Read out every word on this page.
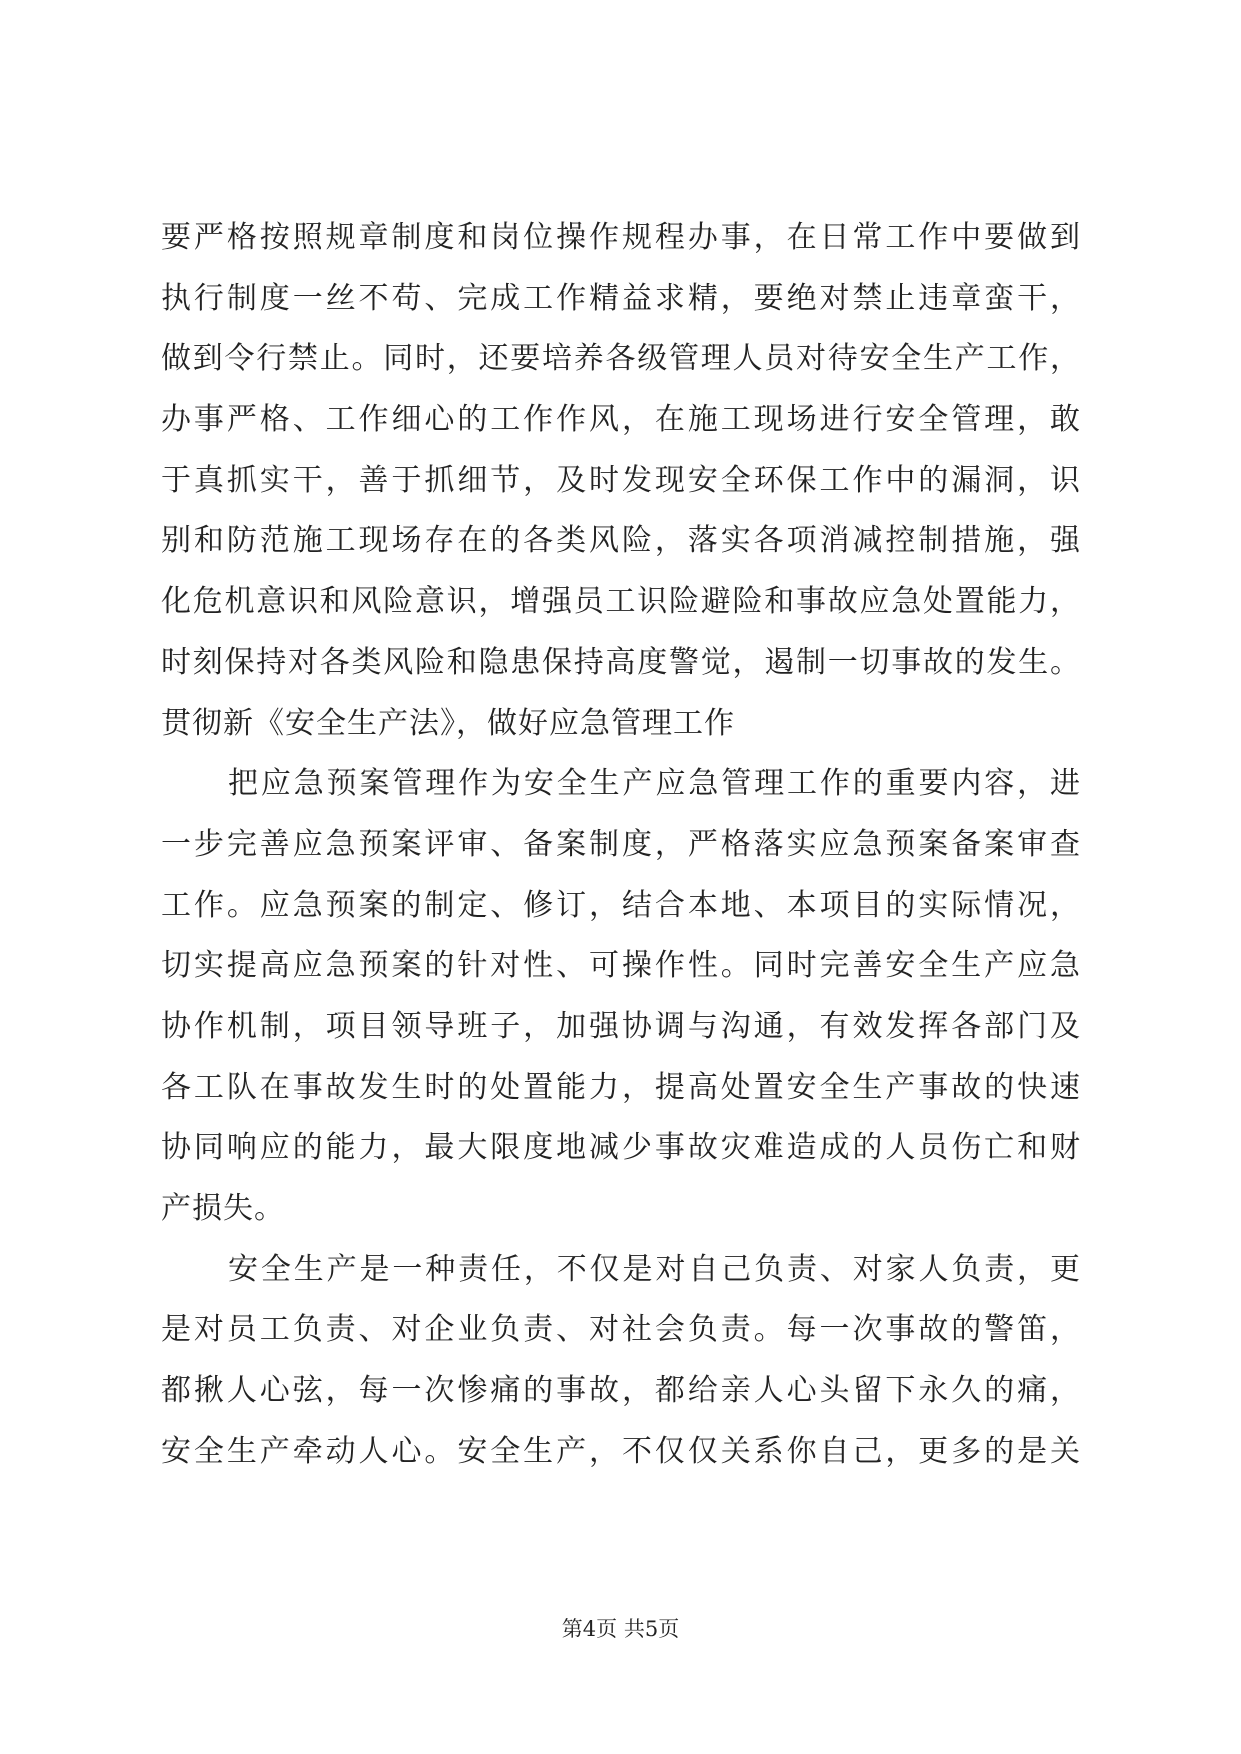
要严格按照规章制度和岗位操作规程办事，在日常工作中要做到
执行制度一丝不苟、完成工作精益求精，要绝对禁止违章蛮干，
做到令行禁止。同时，还要培养各级管理人员对待安全生产工作，
办事严格、工作细心的工作作风，在施工现场进行安全管理，敢
于真抓实干，善于抓细节，及时发现安全环保工作中的漏洞，识
别和防范施工现场存在的各类风险，落实各项消减控制措施，强
化危机意识和风险意识，增强员工识险避险和事故应急处置能力，
时刻保持对各类风险和隐患保持高度警觉，遏制一切事故的发生。
贯彻新《安全生产法》，做好应急管理工作
把应急预案管理作为安全生产应急管理工作的重要内容，进
一步完善应急预案评审、备案制度，严格落实应急预案备案审查
工作。应急预案的制定、修订，结合本地、本项目的实际情况，
切实提高应急预案的针对性、可操作性。同时完善安全生产应急
协作机制，项目领导班子，加强协调与沟通，有效发挥各部门及
各工队在事故发生时的处置能力，提高处置安全生产事故的快速
协同响应的能力，最大限度地减少事故灾难造成的人员伤亡和财
产损失。
安全生产是一种责任，不仅是对自己负责、对家人负责，更
是对员工负责、对企业负责、对社会负责。每一次事故的警笛，
都揪人心弦，每一次惨痛的事故，都给亲人心头留下永久的痛，
安全生产牵动人心。安全生产，不仅仅关系你自己，更多的是关
第4页 共5页
